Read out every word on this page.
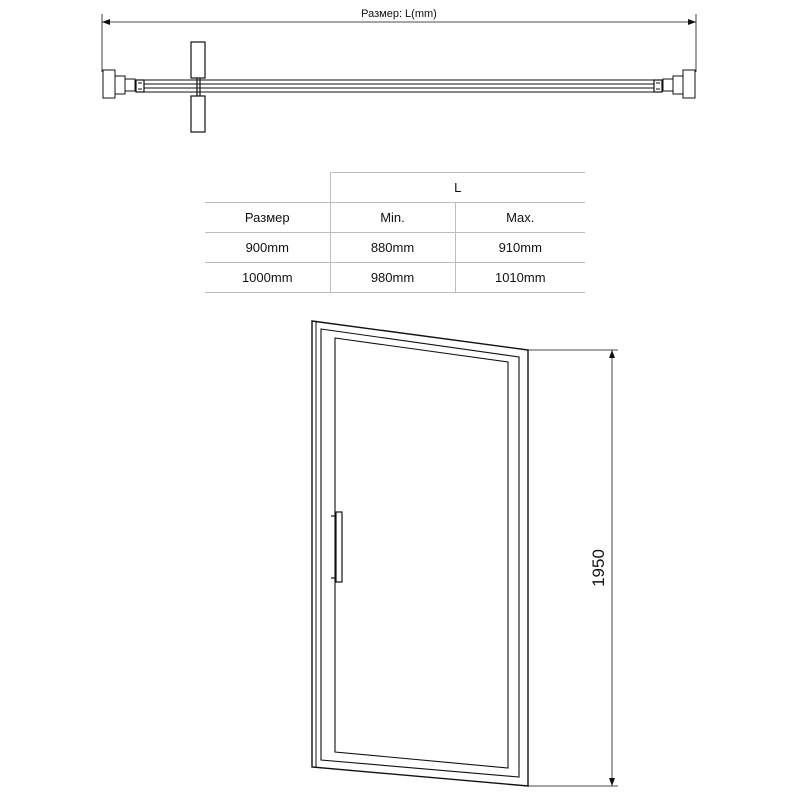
Размер: L(mm)
1950
	L	
Размер	Min.	Max.
900mm	880mm	910mm
1000mm	980mm	1010mm
